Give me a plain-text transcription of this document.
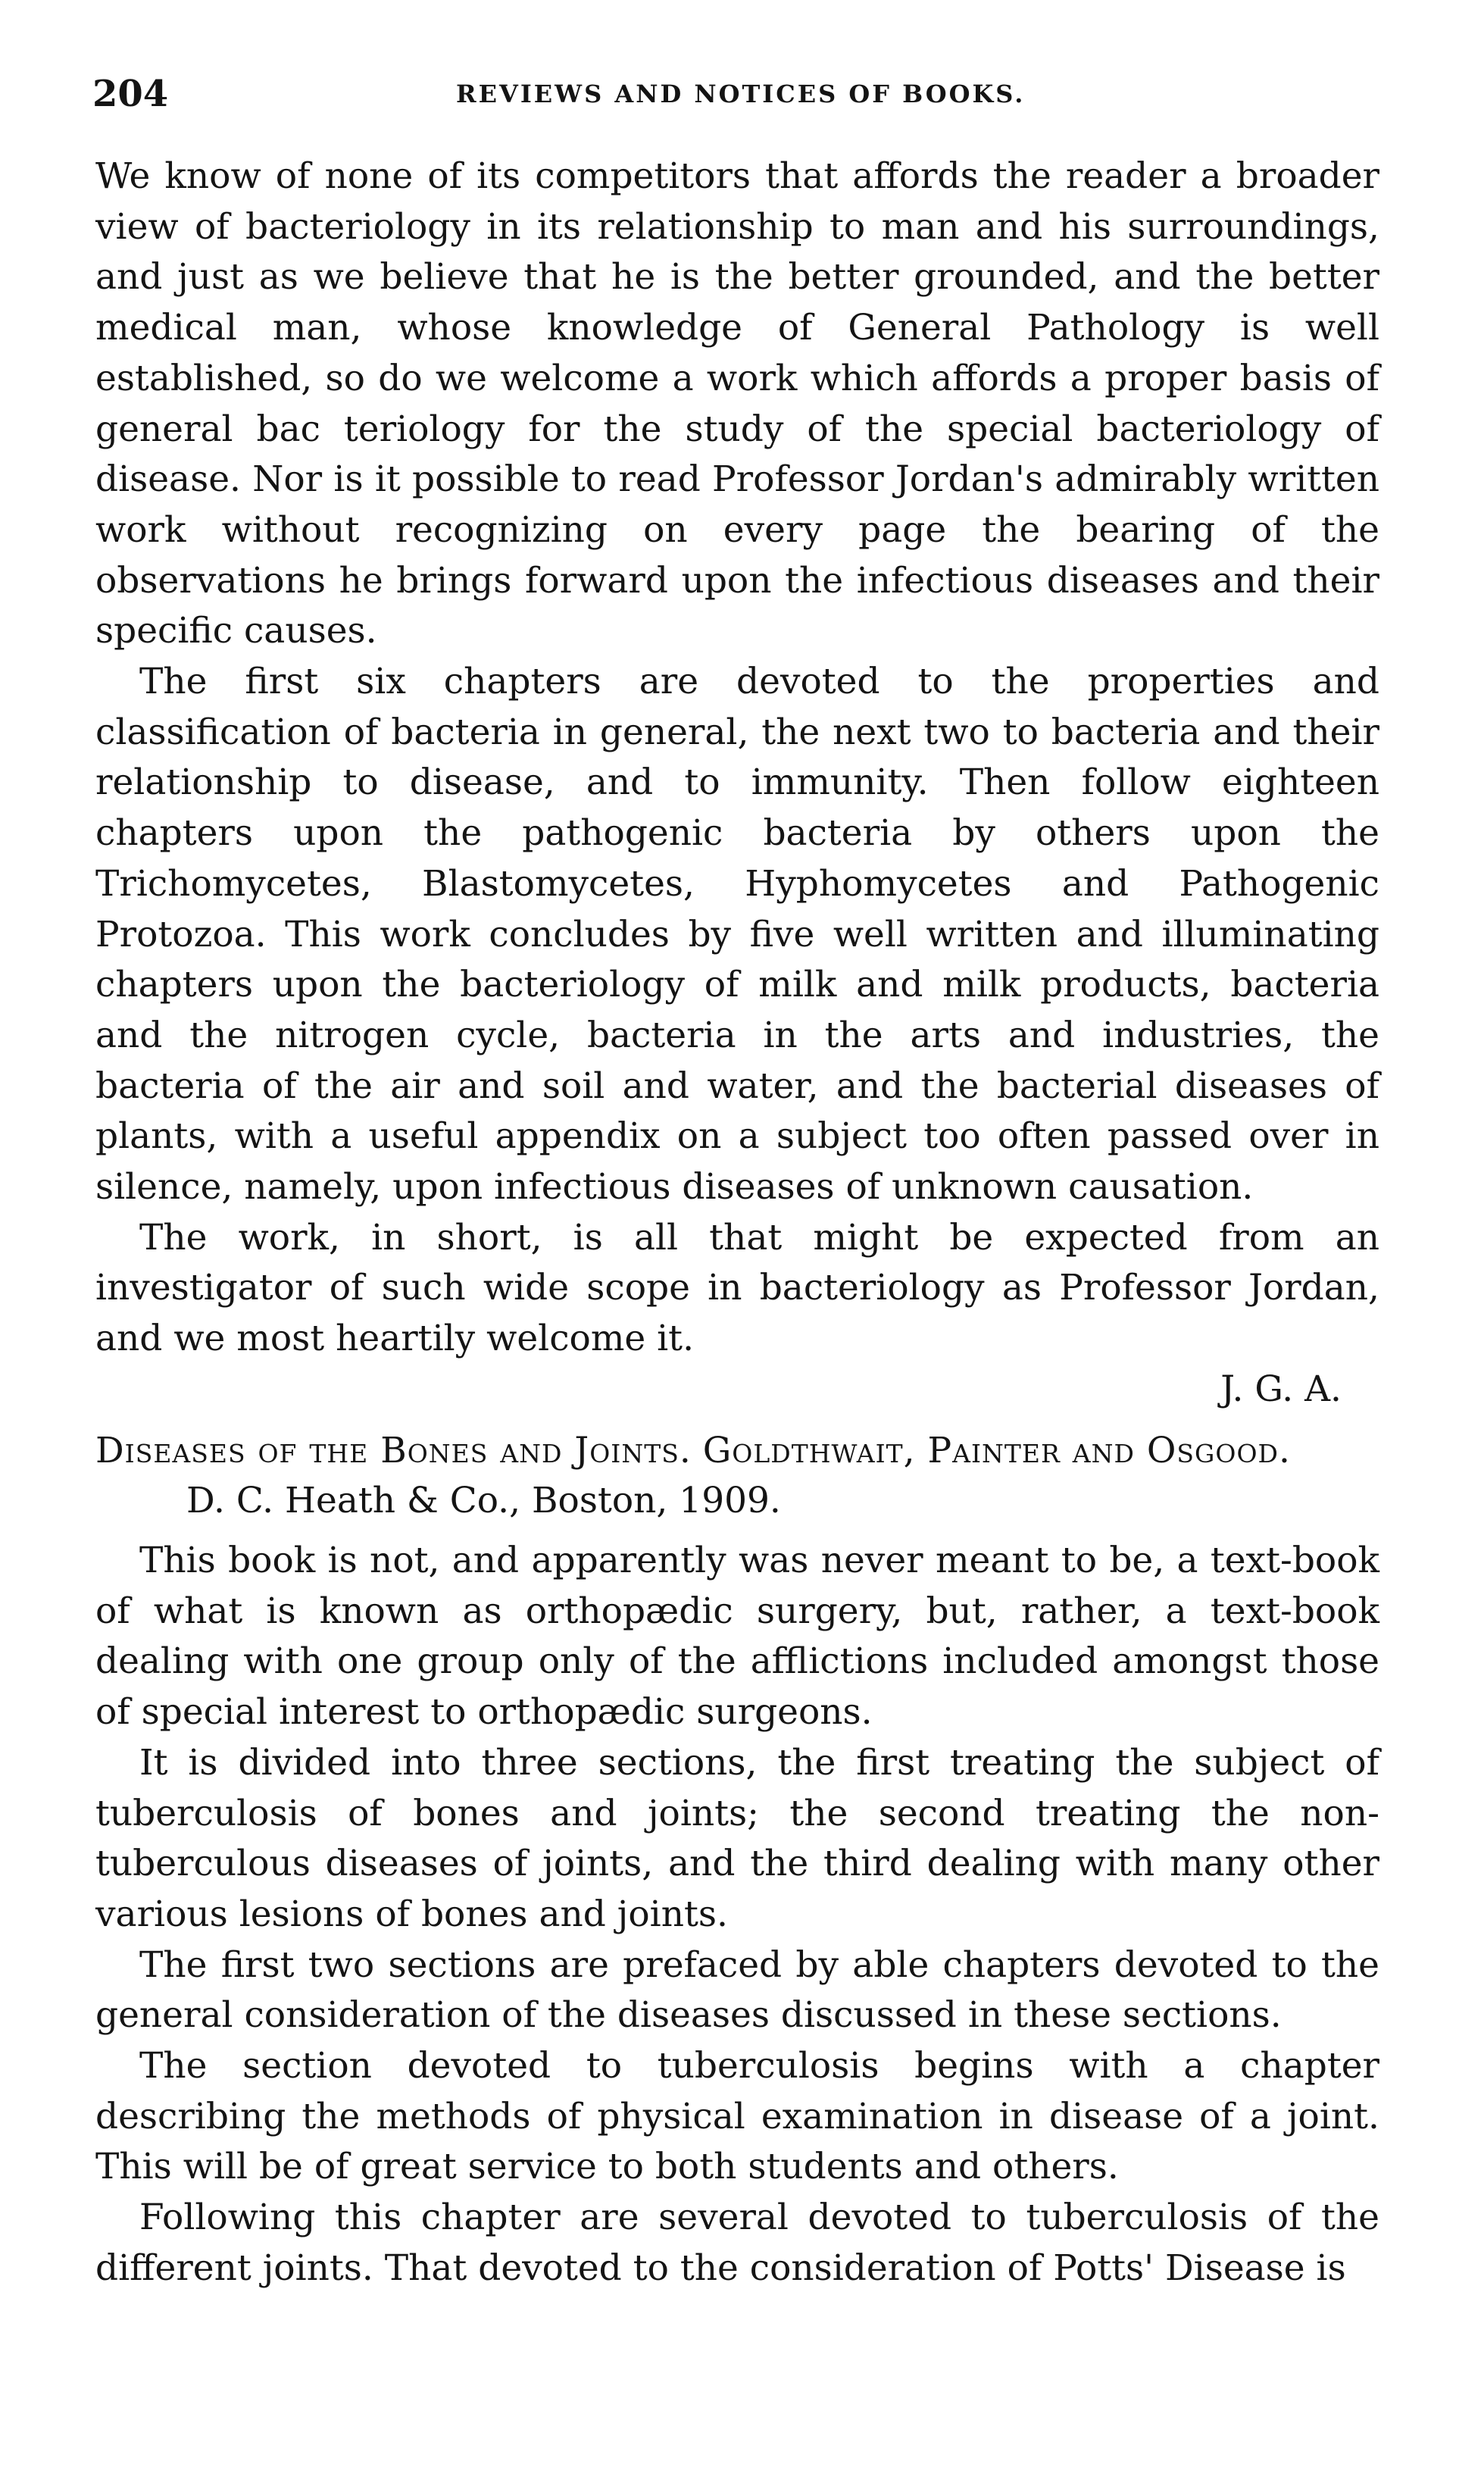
204	REVIEWS AND NOTICES OF BOOKS.

We know of none of its competitors that affords the reader a broader view of bacteriology in its relationship to man and his surroundings, and just as we believe that he is the better grounded, and the better medical man, whose knowledge of General Pathology is well established, so do we welcome a work which affords a proper basis of general bac teriology for the study of the special bacteriology of disease. Nor is it possible to read Professor Jordan's admirably written work without recognizing on every page the bearing of the observations he brings forward upon the infectious diseases and their specific causes.

The first six chapters are devoted to the properties and classification of bacteria in general, the next two to bacteria and their relationship to disease, and to immunity. Then follow eighteen chapters upon the pathogenic bacteria by others upon the Trichomycetes, Blastomycetes, Hyphomycetes and Pathogenic Protozoa. This work concludes by five well written and illuminating chapters upon the bacteriology of milk and milk products, bacteria and the nitrogen cycle, bacteria in the arts and industries, the bacteria of the air and soil and water, and the bacterial diseases of plants, with a useful appendix on a subject too often passed over in silence, namely, upon infectious diseases of unknown causation.

The work, in short, is all that might be expected from an investigator of such wide scope in bacteriology as Professor Jordan, and we most heartily welcome it.

J. G. A.

Diseases of the Bones and Joints. Goldthwait, Painter and Osgood.
D. C. Heath & Co., Boston, 1909.

This book is not, and apparently was never meant to be, a text-book of what is known as orthopædic surgery, but, rather, a text-book dealing with one group only of the afflictions included amongst those of special interest to orthopædic surgeons.

It is divided into three sections, the first treating the subject of tuberculosis of bones and joints; the second treating the non-tuberculous diseases of joints, and the third dealing with many other various lesions of bones and joints.

The first two sections are prefaced by able chapters devoted to the general consideration of the diseases discussed in these sections.

The section devoted to tuberculosis begins with a chapter describing the methods of physical examination in disease of a joint. This will be of great service to both students and others.

Following this chapter are several devoted to tuberculosis of the different joints. That devoted to the consideration of Potts' Disease is
